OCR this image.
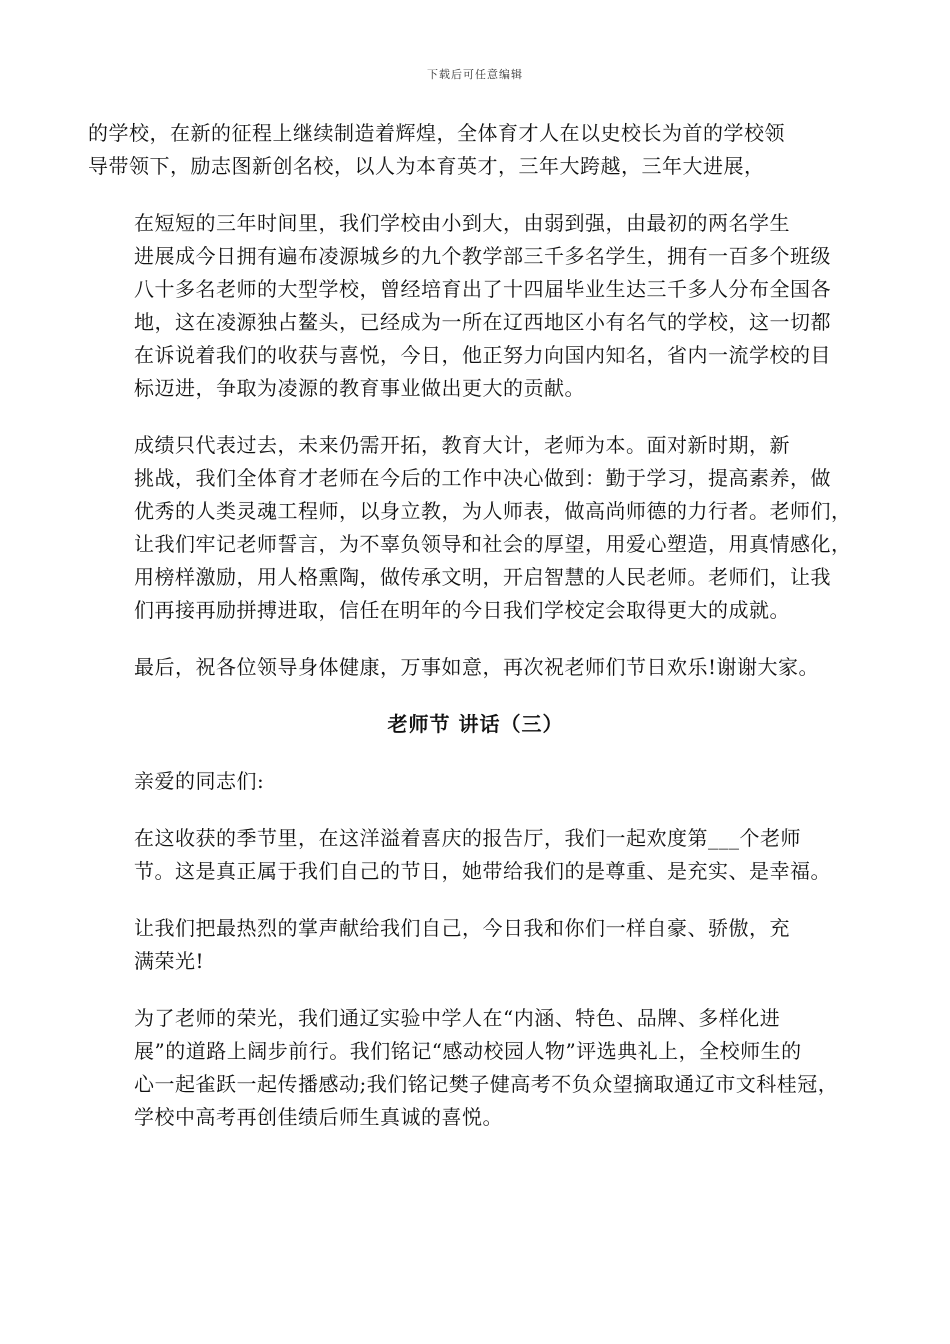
下载后可任意编辑
的学校，在新的征程上继续制造着辉煌，全体育才人在以史校长为首的学校领
导带领下，励志图新创名校，以人为本育英才，三年大跨越，三年大进展，
在短短的三年时间里，我们学校由小到大，由弱到强，由最初的两名学生
进展成今日拥有遍布凌源城乡的九个教学部三千多名学生，拥有一百多个班级
八十多名老师的大型学校，曾经培育出了十四届毕业生达三千多人分布全国各
地，这在凌源独占鳌头，已经成为一所在辽西地区小有名气的学校，这一切都
在诉说着我们的收获与喜悦，今日，他正努力向国内知名，省内一流学校的目
标迈进，争取为凌源的教育事业做出更大的贡献。
成绩只代表过去，未来仍需开拓，教育大计，老师为本。面对新时期，新
挑战，我们全体育才老师在今后的工作中决心做到：勤于学习，提高素养，做
优秀的人类灵魂工程师，以身立教，为人师表，做高尚师德的力行者。老师们，
让我们牢记老师誓言，为不辜负领导和社会的厚望，用爱心塑造，用真情感化，
用榜样激励，用人格熏陶，做传承文明，开启智慧的人民老师。老师们，让我
们再接再励拼搏进取，信任在明年的今日我们学校定会取得更大的成就。
最后，祝各位领导身体健康，万事如意，再次祝老师们节日欢乐!谢谢大家。
老师节 讲话（三）
亲爱的同志们:
在这收获的季节里，在这洋溢着喜庆的报告厅，我们一起欢度第___个老师
节。这是真正属于我们自己的节日，她带给我们的是尊重、是充实、是幸福。
让我们把最热烈的掌声献给我们自己，今日我和你们一样自豪、骄傲，充
满荣光!
为了老师的荣光，我们通辽实验中学人在“内涵、特色、品牌、多样化进
展”的道路上阔步前行。我们铭记“感动校园人物”评选典礼上，全校师生的
心一起雀跃一起传播感动;我们铭记樊子健高考不负众望摘取通辽市文科桂冠，
学校中高考再创佳绩后师生真诚的喜悦。
